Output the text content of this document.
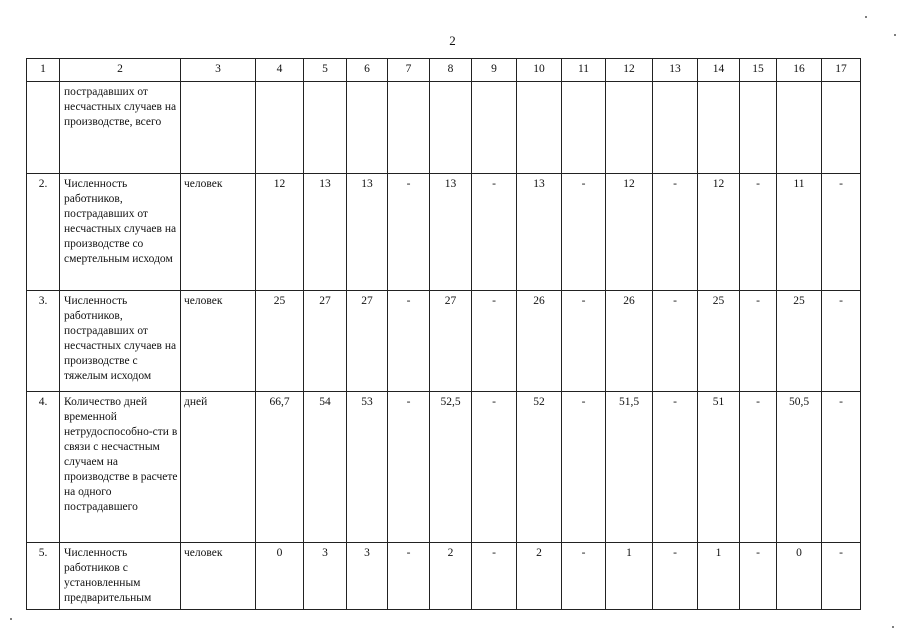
2
1	2	3	4	5	6	7	8	9	10	11	12	13	14	15	16	17
	пострадавших от несчастных случаев на производстве, всего															
2.	Численность работников, пострадавших от несчастных случаев на производстве со смертельным исходом	человек	12	13	13	-	13	-	13	-	12	-	12	-	11	-
3.	Численность работников, пострадавших от несчастных случаев на производстве с тяжелым исходом	человек	25	27	27	-	27	-	26	-	26	-	25	-	25	-
4.	Количество дней временной нетрудоспособно-сти в связи с несчастным случаем на производстве в расчете на одного пострадавшего	дней	66,7	54	53	-	52,5	-	52	-	51,5	-	51	-	50,5	-
5.	Численность работников с установленным предварительным	человек	0	3	3	-	2	-	2	-	1	-	1	-	0	-
